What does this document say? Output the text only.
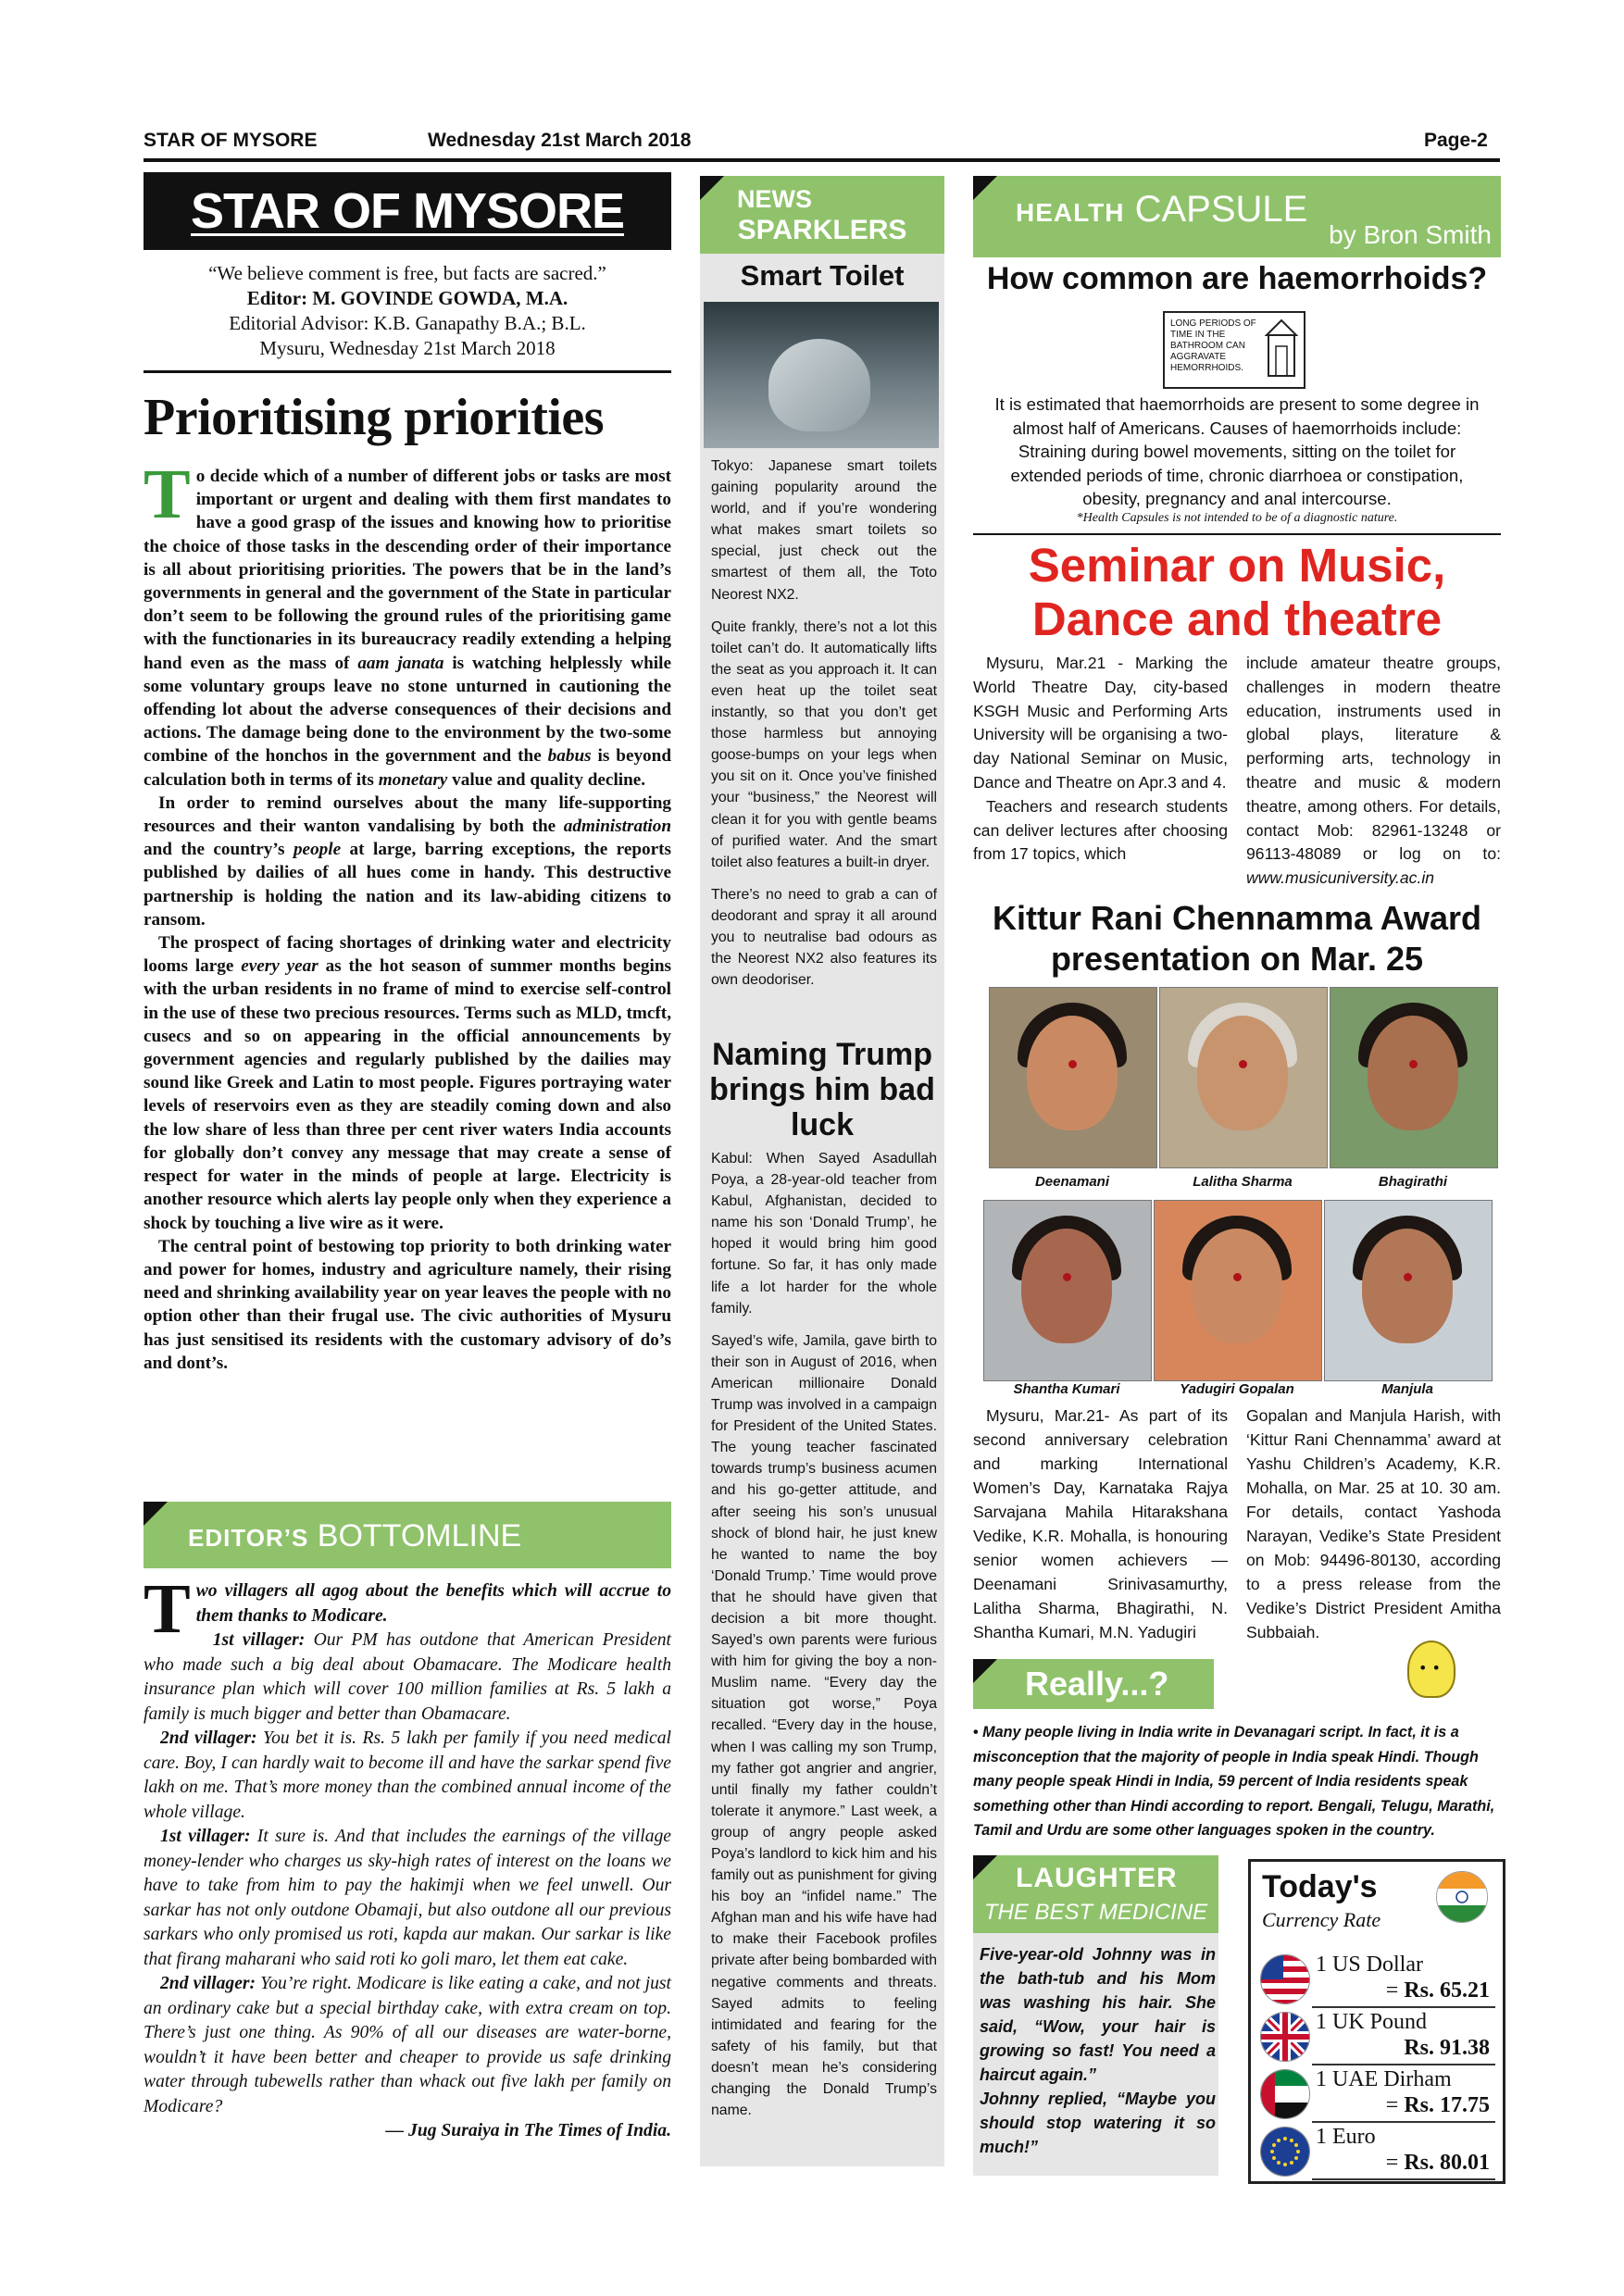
STAR OF MYSORE	Wednesday 21st March 2018	Page-2
STAR OF MYSORE
“We believe comment is free, but facts are sacred.”
Editor: M. GOVINDE GOWDA, M.A.
Editorial Advisor: K.B. Ganapathy B.A.; B.L.
Mysuru, Wednesday 21st March 2018
Prioritising priorities

To decide which of a number of different jobs or tasks are most important or urgent and dealing with them first mandates to have a good grasp of the issues and knowing how to prioritise the choice of those tasks in the descending order of their importance is all about prioritising priorities. The powers that be in the land’s governments in general and the government of the State in particular don’t seem to be following the ground rules of the prioritising game with the functionaries in its bureaucracy readily extending a helping hand even as the mass of aam janata is watching helplessly while some voluntary groups leave no stone unturned in cautioning the offending lot about the adverse consequences of their decisions and actions. The damage being done to the environment by the two-some combine of the honchos in the government and the babus is beyond calculation both in terms of its monetary value and quality decline.

In order to remind ourselves about the many life-supporting resources and their wanton vandalising by both the administration and the country’s people at large, barring exceptions, the reports published by dailies of all hues come in handy. This destructive partnership is holding the nation and its law-abiding citizens to ransom.

The prospect of facing shortages of drinking water and electricity looms large every year as the hot season of summer months begins with the urban residents in no frame of mind to exercise self-control in the use of these two precious resources. Terms such as MLD, tmcft, cusecs and so on appearing in the official announcements by government agencies and regularly published by the dailies may sound like Greek and Latin to most people. Figures portraying water levels of reservoirs even as they are steadily coming down and also the low share of less than three per cent river waters India accounts for globally don’t convey any message that may create a sense of respect for water in the minds of people at large. Electricity is another resource which alerts lay people only when they experience a shock by touching a live wire as it were.

The central point of bestowing top priority to both drinking water and power for homes, industry and agriculture namely, their rising need and shrinking availability year on year leaves the people with no option other than their frugal use. The civic authorities of Mysuru has just sensitised its residents with the customary advisory of do’s and dont’s.

EDITOR’S BOTTOMLINE

Two villagers all agog about the benefits which will accrue to them thanks to Modicare.

1st villager: Our PM has outdone that American President who made such a big deal about Obamacare. The Modicare health insurance plan which will cover 100 million families at Rs. 5 lakh a family is much bigger and better than Obamacare.

2nd villager: You bet it is. Rs. 5 lakh per family if you need medical care. Boy, I can hardly wait to become ill and have the sarkar spend five lakh on me. That’s more money than the combined annual income of the whole village.

1st villager: It sure is. And that includes the earnings of the village money-lender who charges us sky-high rates of interest on the loans we have to take from him to pay the hakimji when we feel unwell. Our sarkar has not only outdone Obamaji, but also outdone all our previous sarkars who only promised us roti, kapda aur makan. Our sarkar is like that firang maharani who said roti ko goli maro, let them eat cake.

2nd villager: You’re right. Modicare is like eating a cake, and not just an ordinary cake but a special birthday cake, with extra cream on top. There’s just one thing. As 90% of all our diseases are water-borne, wouldn’t it have been better and cheaper to provide us safe drinking water through tubewells rather than whack out five lakh per family on Modicare?

— Jug Suraiya in The Times of India.

NEWS
SPARKLERS
Smart Toilet

Tokyo: Japanese smart toilets gaining popularity around the world, and if you’re wondering what makes smart toilets so special, just check out the smartest of them all, the Toto Neorest NX2.

Quite frankly, there’s not a lot this toilet can’t do. It automatically lifts the seat as you approach it. It can even heat up the toilet seat instantly, so that you don’t get those harmless but annoying goose-bumps on your legs when you sit on it. Once you’ve finished your “business,” the Neorest will clean it for you with gentle beams of purified water. And the smart toilet also features a built-in dryer.

There’s no need to grab a can of deodorant and spray it all around you to neutralise bad odours as the Neorest NX2 also features its own deodoriser.

Naming Trump brings him bad luck

Kabul: When Sayed Asadullah Poya, a 28-year-old teacher from Kabul, Afghanistan, decided to name his son ‘Donald Trump’, he hoped it would bring him good fortune. So far, it has only made life a lot harder for the whole family.

Sayed’s wife, Jamila, gave birth to their son in August of 2016, when American millionaire Donald Trump was involved in a campaign for President of the United States. The young teacher fascinated towards trump’s business acumen and his go-getter attitude, and after seeing his son’s unusual shock of blond hair, he just knew he wanted to name the boy ‘Donald Trump.’ Time would prove that he should have given that decision a bit more thought. Sayed’s own parents were furious with him for giving the boy a non-Muslim name. “Every day the situation got worse,” Poya recalled. “Every day in the house, when I was calling my son Trump, my father got angrier and angrier, until finally my father couldn’t tolerate it anymore.” Last week, a group of angry people asked Poya’s landlord to kick him and his family out as punishment for giving his boy an “infidel name.” The Afghan man and his wife have had to make their Facebook profiles private after being bombarded with negative comments and threats. Sayed admits to feeling intimidated and fearing for the safety of his family, but that doesn’t mean he’s considering changing the Donald Trump’s name.

HEALTH CAPSULE
by Bron Smith
How common are haemorrhoids?
LONG PERIODS OF TIME IN THE BATHROOM CAN AGGRAVATE HEMORRHOIDS.
It is estimated that haemorrhoids are present to some degree in almost half of Americans. Causes of haemorrhoids include: Straining during bowel movements, sitting on the toilet for extended periods of time, chronic diarrhoea or constipation, obesity, pregnancy and anal intercourse.
*Health Capsules is not intended to be of a diagnostic nature.
Seminar on Music, Dance and theatre

Mysuru, Mar.21 - Marking the World Theatre Day, city-based KSGH Music and Performing Arts University will be organising a two-day National Seminar on Music, Dance and Theatre on Apr.3 and 4.

Teachers and research students can deliver lectures after choosing from 17 topics, which

include amateur theatre groups, challenges in modern theatre education, instruments used in global plays, literature & performing arts, technology in theatre and music & modern theatre, among others. For details, contact Mob: 82961-13248 or 96113-48089 or log on to: www.musicuniversity.ac.in
Kittur Rani Chennamma Award presentation on Mar. 25
Deenamani	Lalitha Sharma	Bhagirathi
Shantha Kumari	Yadugiri Gopalan	Manjula
Mysuru, Mar.21- As part of its second anniversary celebration and marking International Women’s Day, Karnataka Rajya Sarvajana Mahila Hitarakshana Vedike, K.R. Mohalla, is honouring senior women achievers — Deenamani Srinivasamurthy, Lalitha Sharma, Bhagirathi, N. Shantha Kumari, M.N. Yadugiri
Gopalan and Manjula Harish, with ‘Kittur Rani Chennamma’ award at Yashu Children’s Academy, K.R. Mohalla, on Mar. 25 at 10. 30 am. For details, contact Yashoda Narayan, Vedike’s State President on Mob: 94496-80130, according to a press release from the Vedike’s District President Amitha Subbaiah.
Really...?	• •
• Many people living in India write in Devanagari script. In fact, it is a misconception that the majority of people in India speak Hindi. Though many people speak Hindi in India, 59 percent of India residents speak something other than Hindi according to report. Bengali, Telugu, Marathi, Tamil and Urdu are some other languages spoken in the country.
LAUGHTER
THE BEST MEDICINE

Five-year-old Johnny was in the bath-tub and his Mom was washing his hair. She said, “Wow, your hair is growing so fast! You need a haircut again.”

Johnny replied, “Maybe you should stop watering it so much!”

Today's
Currency Rate
1 US Dollar
= Rs. 65.21
1 UK Pound
Rs. 91.38
1 UAE Dirham
= Rs. 17.75
1 Euro
= Rs. 80.01
